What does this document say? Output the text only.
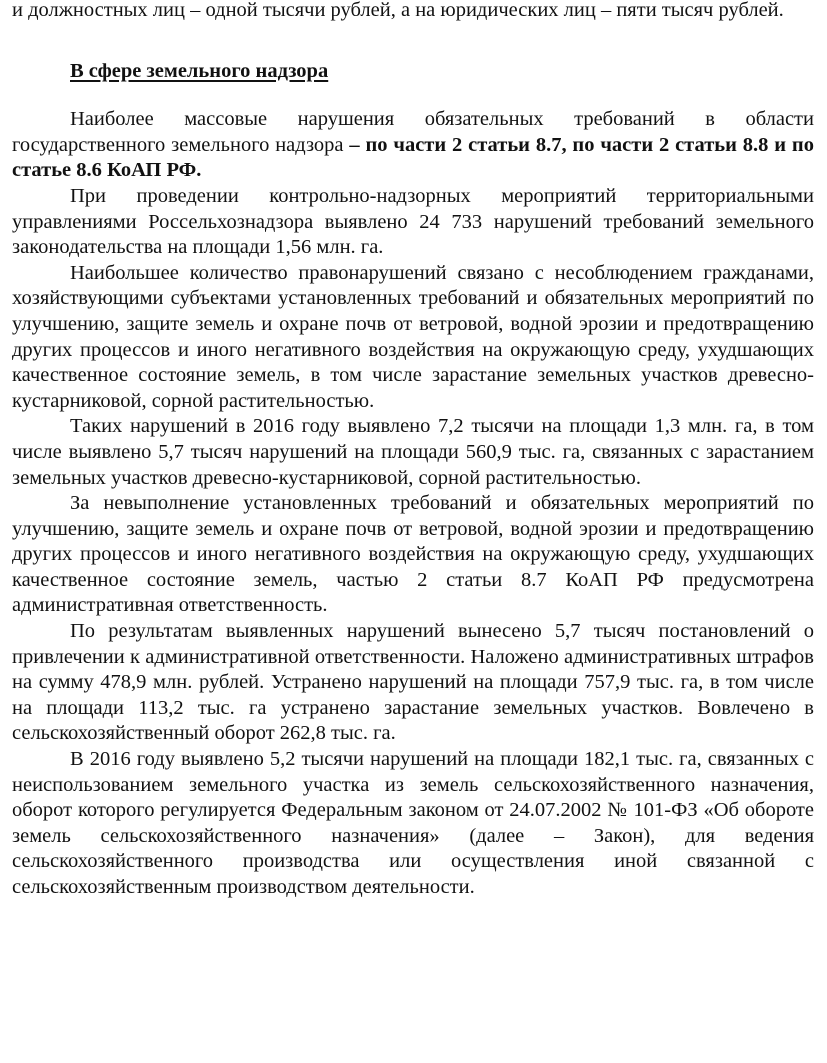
и должностных лиц – одной тысячи рублей, а на юридических лиц – пяти тысяч рублей.

В сфере земельного надзора

Наиболее массовые нарушения обязательных требований в области государственного земельного надзора – по части 2 статьи 8.7, по части 2 статьи 8.8 и по статье 8.6 КоАП РФ.

При проведении контрольно-надзорных мероприятий территориальными управлениями Россельхознадзора выявлено 24 733 нарушений требований земельного законодательства на площади 1,56 млн. га.

Наибольшее количество правонарушений связано с несоблюдением гражданами, хозяйствующими субъектами установленных требований и обязательных мероприятий по улучшению, защите земель и охране почв от ветровой, водной эрозии и предотвращению других процессов и иного негативного воздействия на окружающую среду, ухудшающих качественное состояние земель, в том числе зарастание земельных участков древесно-кустарниковой, сорной растительностью.

Таких нарушений в 2016 году выявлено 7,2 тысячи на площади 1,3 млн. га, в том числе выявлено 5,7 тысяч нарушений на площади 560,9 тыс. га, связанных с зарастанием земельных участков древесно-кустарниковой, сорной растительностью.

За невыполнение установленных требований и обязательных мероприятий по улучшению, защите земель и охране почв от ветровой, водной эрозии и предотвращению других процессов и иного негативного воздействия на окружающую среду, ухудшающих качественное состояние земель, частью 2 статьи 8.7 КоАП РФ предусмотрена административная ответственность.

По результатам выявленных нарушений вынесено 5,7 тысяч постановлений о привлечении к административной ответственности. Наложено административных штрафов на сумму 478,9 млн. рублей. Устранено нарушений на площади 757,9 тыс. га, в том числе на площади 113,2 тыс. га устранено зарастание земельных участков. Вовлечено в сельскохозяйственный оборот 262,8 тыс. га.

В 2016 году выявлено 5,2 тысячи нарушений на площади 182,1 тыс. га, связанных с неиспользованием земельного участка из земель сельскохозяйственного назначения, оборот которого регулируется Федеральным законом от 24.07.2002 № 101-ФЗ «Об обороте земель сельскохозяйственного назначения» (далее – Закон), для ведения сельскохозяйственного производства или осуществления иной связанной с сельскохозяйственным производством деятельности.
